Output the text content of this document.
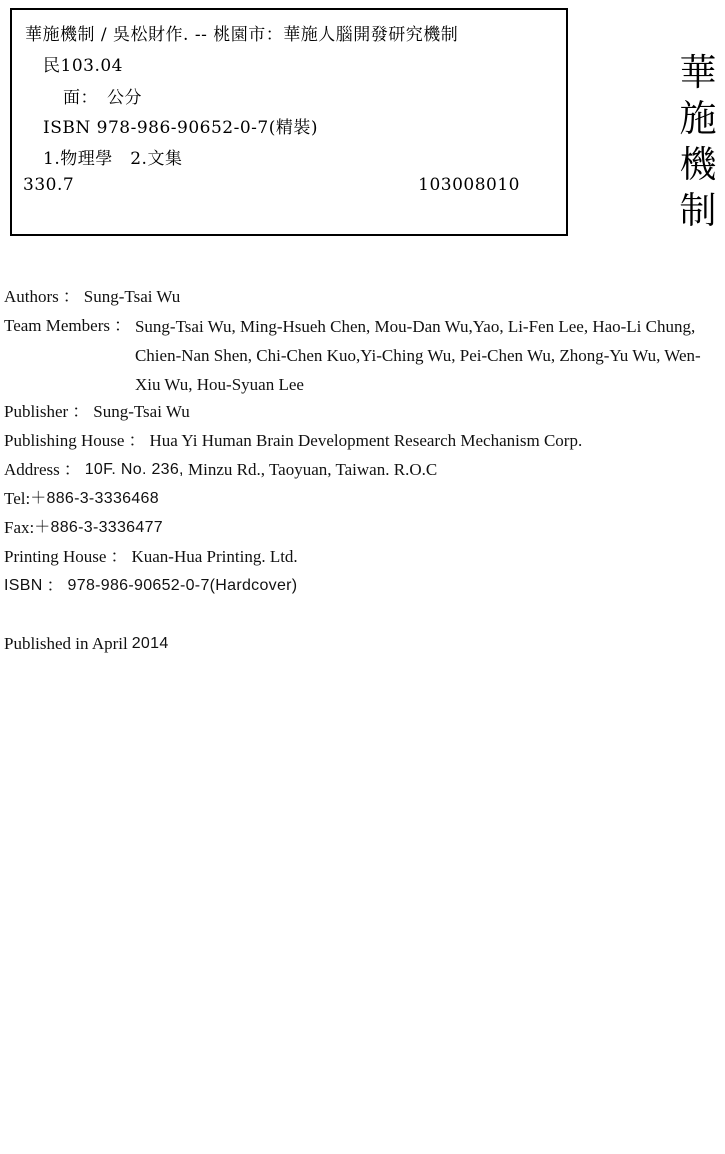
華施機制 / 吳松財作. -- 桃園市：華施人腦開發研究機制
民103.04
面：　公分
ISBN 978-986-90652-0-7(精裝)
1.物理學　2.文集
330.7	103008010
華
施
機
制
Authors ： Sung-Tsai Wu
Team Members ： Sung-Tsai Wu, Ming-Hsueh Chen, Mou-Dan Wu,Yao, Li-Fen Lee, Hao-Li Chung, Chien-Nan Shen, Chi-Chen Kuo,Yi-Ching Wu, Pei-Chen Wu, Zhong-Yu Wu, Wen-Xiu Wu, Hou-Syuan Lee
Publisher ： Sung-Tsai Wu
Publishing House ： Hua Yi Human Brain Development Research Mechanism Corp.
Address ： 10F. No. 236, Minzu Rd., Taoyuan, Taiwan. R.O.C
Tel: ＋886-3-3336468
Fax: ＋886-3-3336477
Printing House ： Kuan-Hua Printing. Ltd.
ISBN ： 978-986-90652-0-7(Hardcover)
Published in April 2014
